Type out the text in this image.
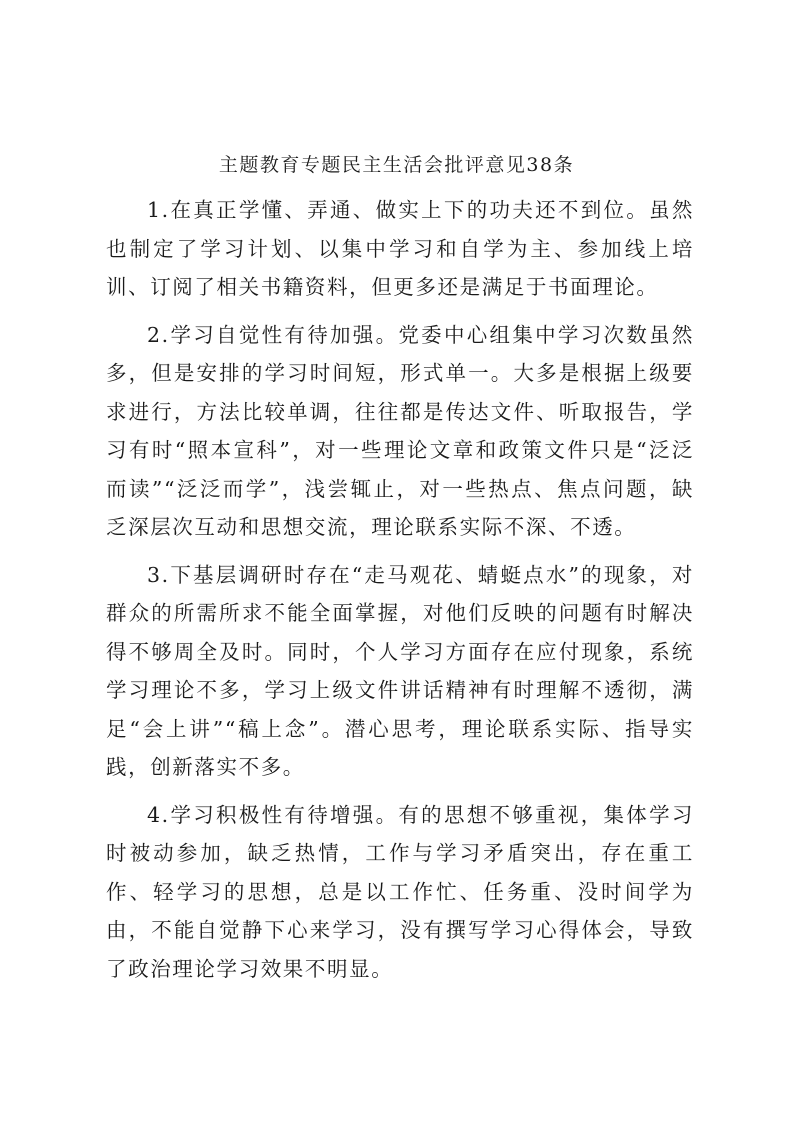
主题教育专题民主生活会批评意见38条

1.在真正学懂、弄通、做实上下的功夫还不到位。虽然也制定了学习计划、以集中学习和自学为主、参加线上培训、订阅了相关书籍资料，但更多还是满足于书面理论。

2.学习自觉性有待加强。党委中心组集中学习次数虽然多，但是安排的学习时间短，形式单一。大多是根据上级要求进行，方法比较单调，往往都是传达文件、听取报告，学习有时“照本宣科”，对一些理论文章和政策文件只是“泛泛而读”“泛泛而学”，浅尝辄止，对一些热点、焦点问题，缺乏深层次互动和思想交流，理论联系实际不深、不透。

3.下基层调研时存在“走马观花、蜻蜓点水”的现象，对群众的所需所求不能全面掌握，对他们反映的问题有时解决得不够周全及时。同时，个人学习方面存在应付现象，系统学习理论不多，学习上级文件讲话精神有时理解不透彻，满足“会上讲”“稿上念”。潜心思考，理论联系实际、指导实践，创新落实不多。

4.学习积极性有待增强。有的思想不够重视，集体学习时被动参加，缺乏热情，工作与学习矛盾突出，存在重工作、轻学习的思想，总是以工作忙、任务重、没时间学为由，不能自觉静下心来学习，没有撰写学习心得体会，导致了政治理论学习效果不明显。
